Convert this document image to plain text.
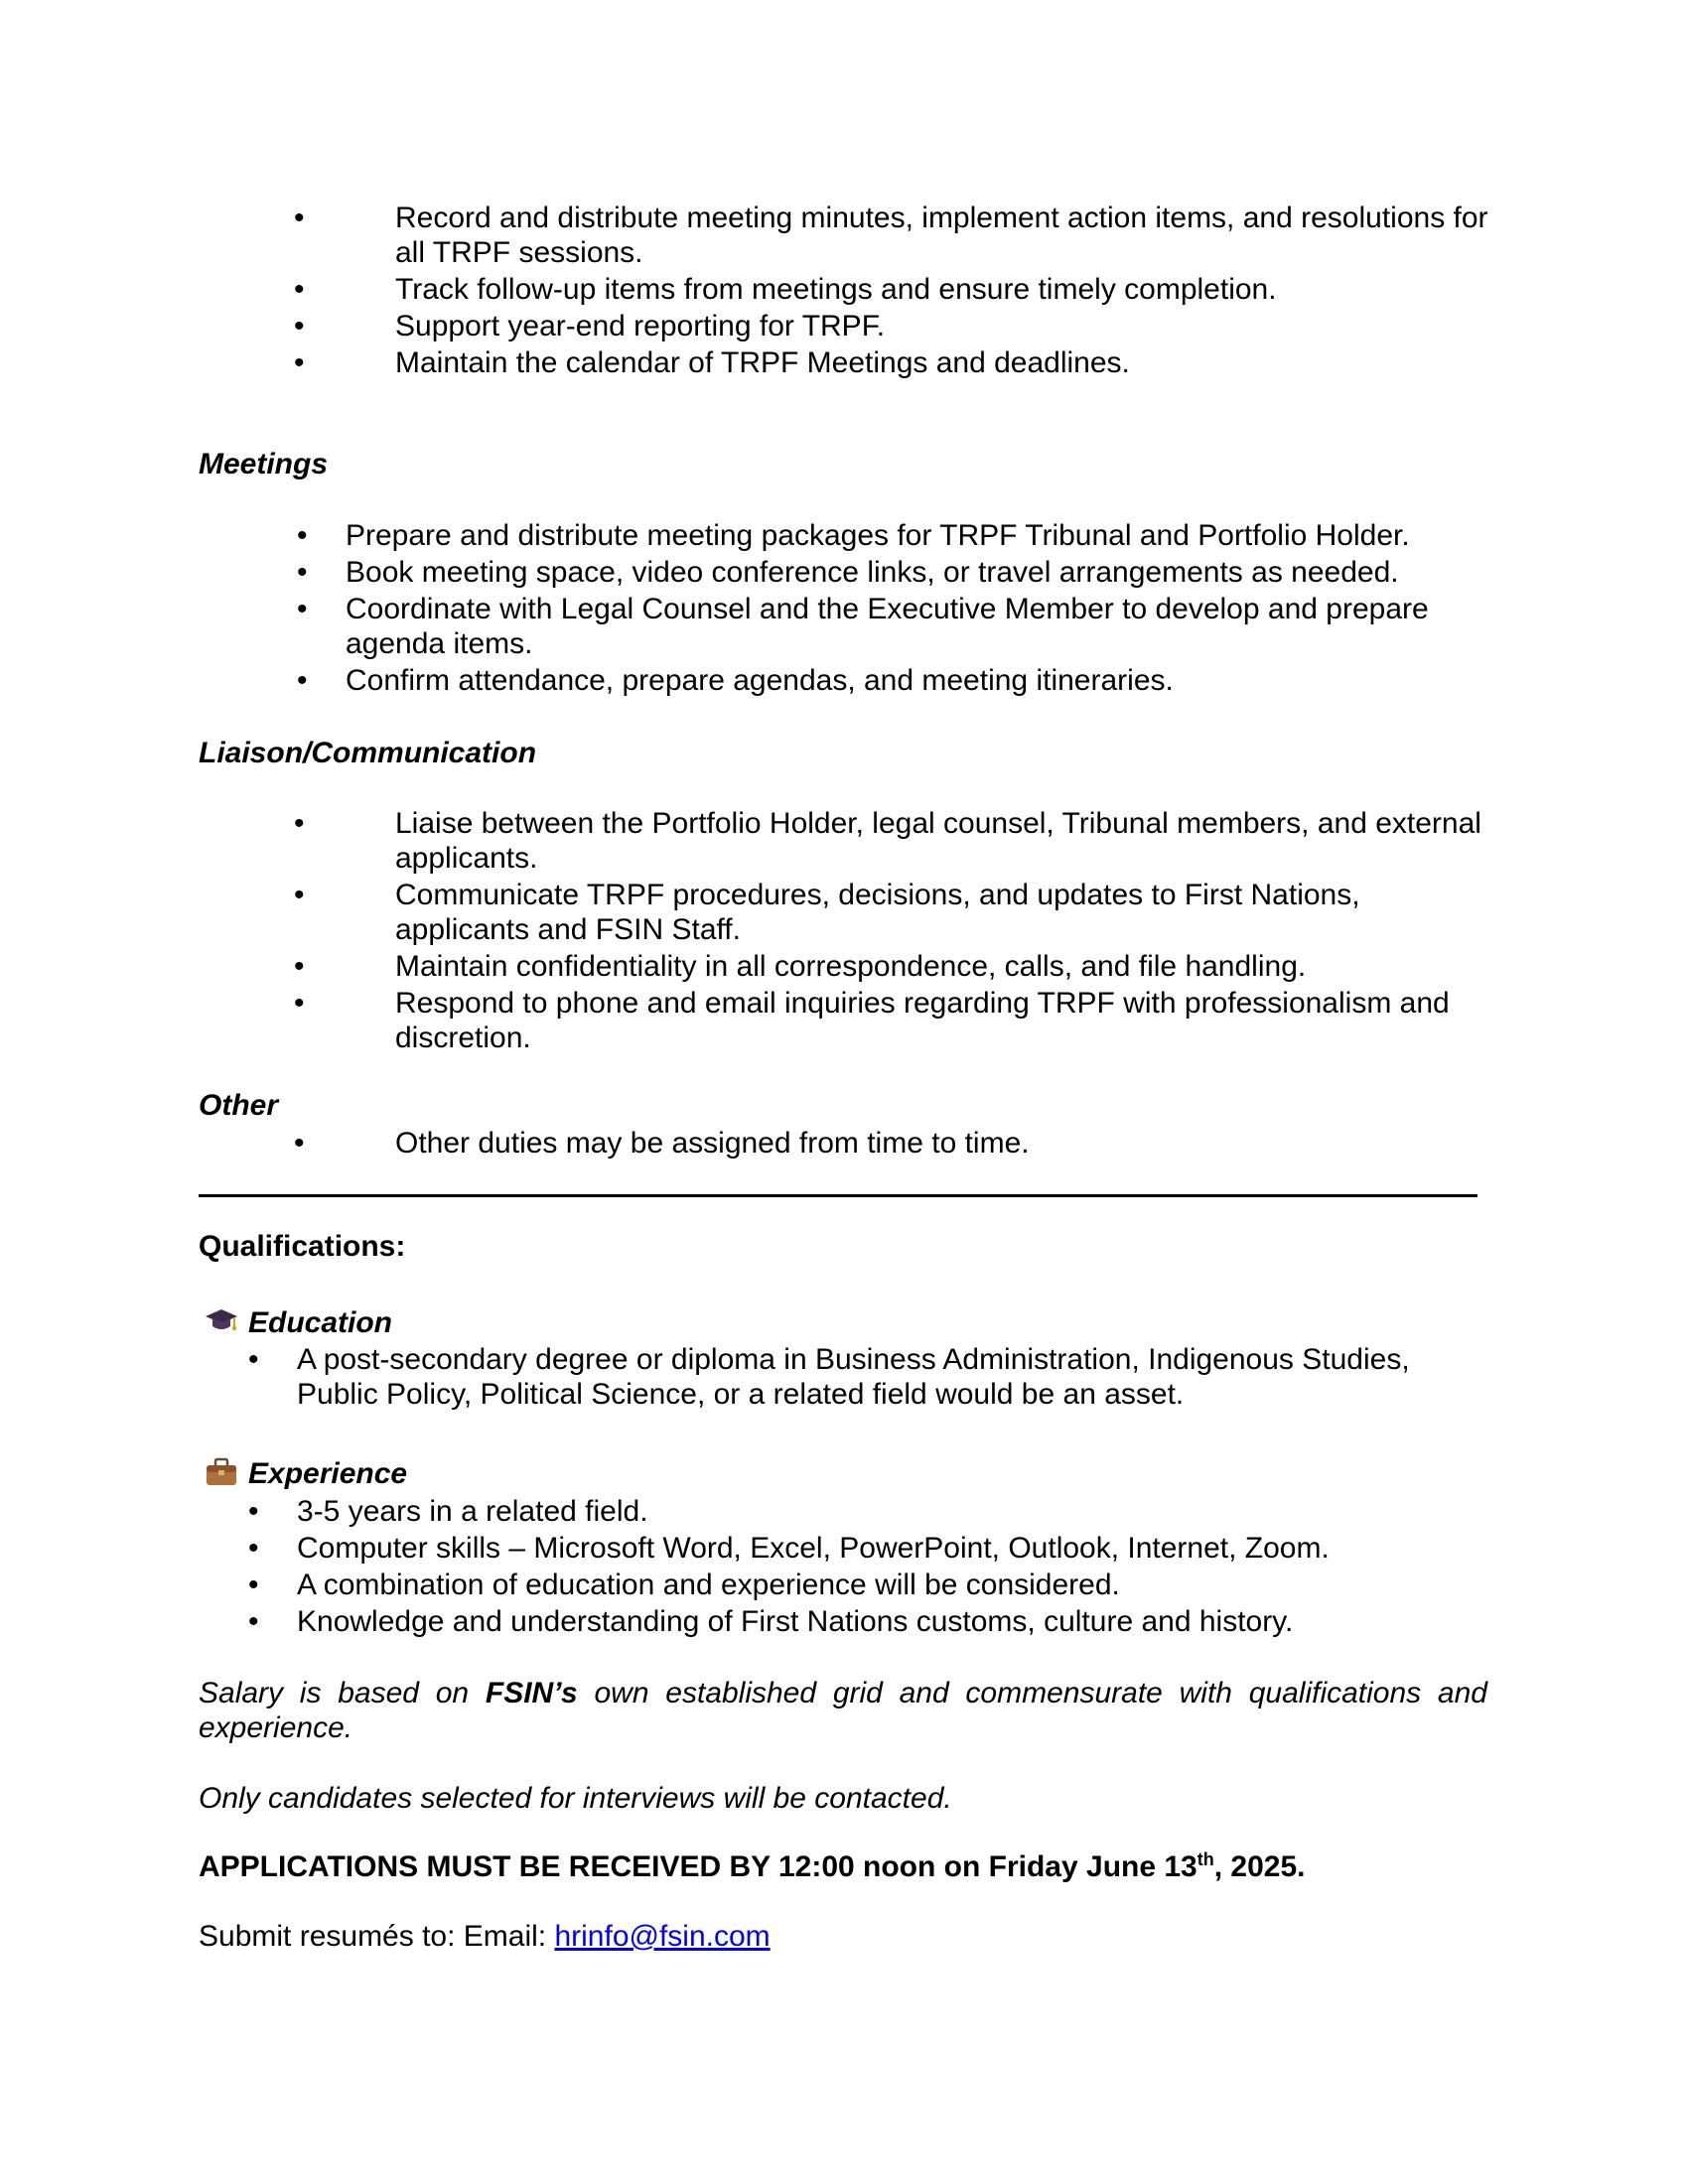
•	Record and distribute meeting minutes, implement action items, and resolutions for all TRPF sessions.
•	Track follow-up items from meetings and ensure timely completion.
•	Support year-end reporting for TRPF.
•	Maintain the calendar of TRPF Meetings and deadlines.
Meetings
• Prepare and distribute meeting packages for TRPF Tribunal and Portfolio Holder.
• Book meeting space, video conference links, or travel arrangements as needed.
• Coordinate with Legal Counsel and the Executive Member to develop and prepare agenda items.
• Confirm attendance, prepare agendas, and meeting itineraries.
Liaison/Communication
•	Liaise between the Portfolio Holder, legal counsel, Tribunal members, and external applicants.
•	Communicate TRPF procedures, decisions, and updates to First Nations, applicants and FSIN Staff.
•	Maintain confidentiality in all correspondence, calls, and file handling.
•	Respond to phone and email inquiries regarding TRPF with professionalism and discretion.
Other
•	Other duties may be assigned from time to time.
Qualifications:
Education
• A post-secondary degree or diploma in Business Administration, Indigenous Studies, Public Policy, Political Science, or a related field would be an asset.
Experience
• 3-5 years in a related field.
• Computer skills – Microsoft Word, Excel, PowerPoint, Outlook, Internet, Zoom.
• A combination of education and experience will be considered.
• Knowledge and understanding of First Nations customs, culture and history.

Salary is based on FSIN’s own established grid and commensurate with qualifications and experience.

Only candidates selected for interviews will be contacted.

APPLICATIONS MUST BE RECEIVED BY 12:00 noon on Friday June 13th, 2025.

Submit resumés to: Email: hrinfo@fsin.com
